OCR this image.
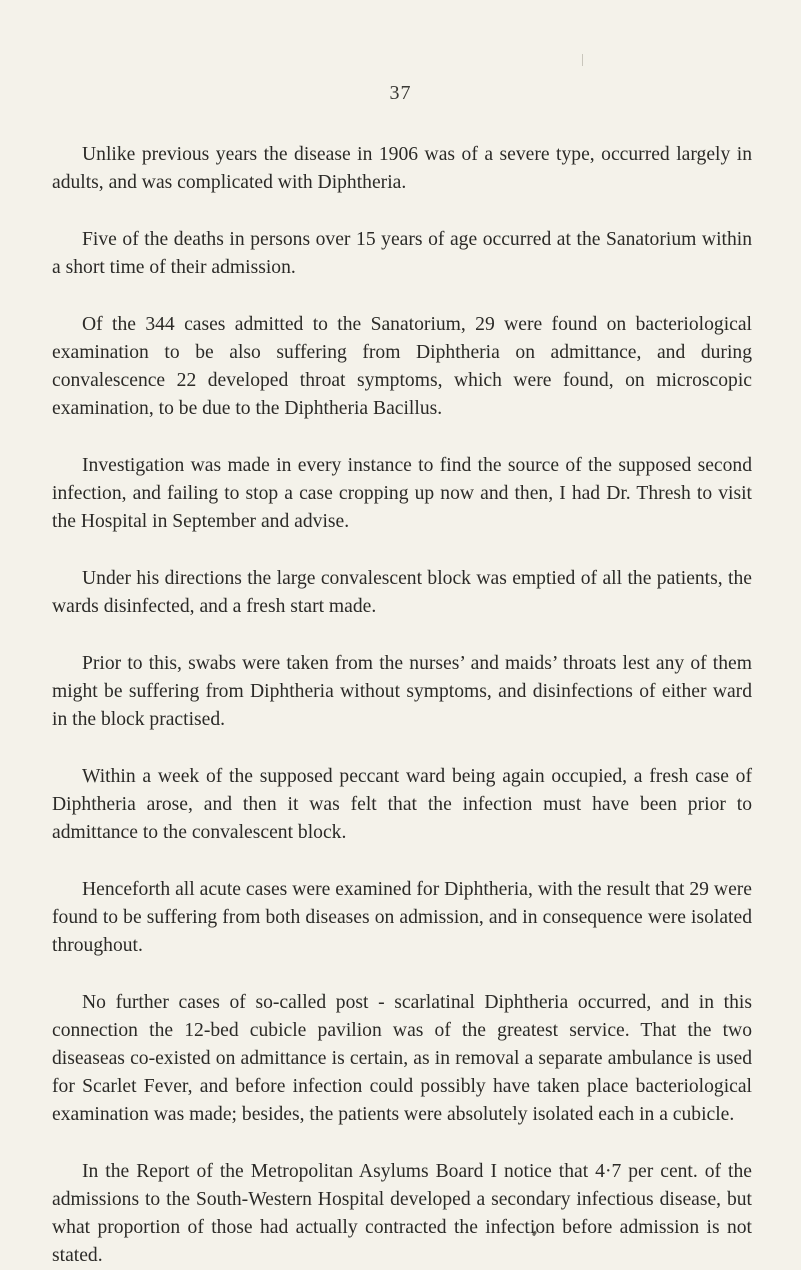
37

Unlike previous years the disease in 1906 was of a severe type, occurred largely in adults, and was complicated with Diphtheria.

Five of the deaths in persons over 15 years of age occurred at the Sanatorium within a short time of their admission.

Of the 344 cases admitted to the Sanatorium, 29 were found on bacteriological examination to be also suffering from Diphtheria on admittance, and during convalescence 22 developed throat symptoms, which were found, on microscopic examination, to be due to the Diphtheria Bacillus.

Investigation was made in every instance to find the source of the supposed second infection, and failing to stop a case cropping up now and then, I had Dr. Thresh to visit the Hospital in September and advise.

Under his directions the large convalescent block was emptied of all the patients, the wards disinfected, and a fresh start made.

Prior to this, swabs were taken from the nurses’ and maids’ throats lest any of them might be suffering from Diphtheria without symptoms, and disinfections of either ward in the block practised.

Within a week of the supposed peccant ward being again occupied, a fresh case of Diphtheria arose, and then it was felt that the infection must have been prior to admittance to the convalescent block.

Henceforth all acute cases were examined for Diphtheria, with the result that 29 were found to be suffering from both diseases on admission, and in consequence were isolated throughout.

No further cases of so-called post - scarlatinal Diphtheria occurred, and in this connection the 12-bed cubicle pavilion was of the greatest service. That the two diseaseas co-existed on admittance is certain, as in removal a separate ambulance is used for Scarlet Fever, and before infection could possibly have taken place bacteriological examination was made; besides, the patients were absolutely isolated each in a cubicle.

In the Report of the Metropolitan Asylums Board I notice that 4·7 per cent. of the admissions to the South-Western Hospital developed a secondary infectious disease, but what proportion of those had actually contracted the infection before admission is not stated.
